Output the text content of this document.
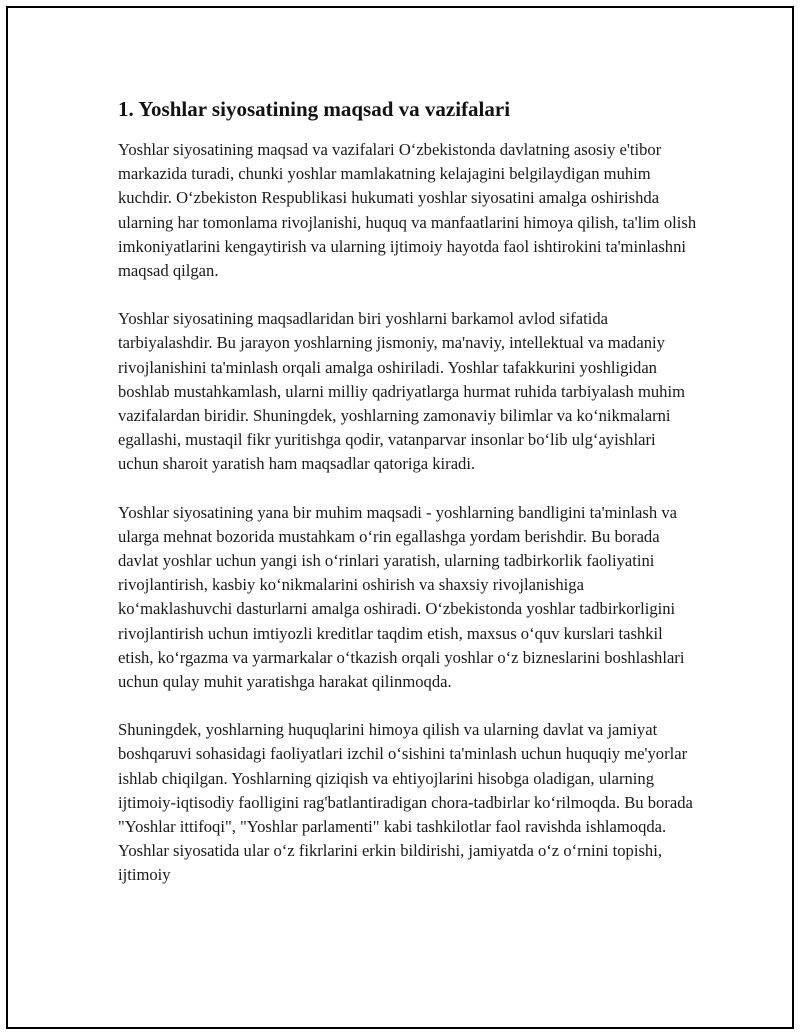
1. Yoshlar siyosatining maqsad va vazifalari

Yoshlar siyosatining maqsad va vazifalari O‘zbekistonda davlatning asosiy e'tibor markazida turadi, chunki yoshlar mamlakatning kelajagini belgilaydigan muhim kuchdir. O‘zbekiston Respublikasi hukumati yoshlar siyosatini amalga oshirishda ularning har tomonlama rivojlanishi, huquq va manfaatlarini himoya qilish, ta'lim olish imkoniyatlarini kengaytirish va ularning ijtimoiy hayotda faol ishtirokini ta'minlashni maqsad qilgan.

Yoshlar siyosatining maqsadlaridan biri yoshlarni barkamol avlod sifatida tarbiyalashdir. Bu jarayon yoshlarning jismoniy, ma'naviy, intellektual va madaniy rivojlanishini ta'minlash orqali amalga oshiriladi. Yoshlar tafakkurini yoshligidan boshlab mustahkamlash, ularni milliy qadriyatlarga hurmat ruhida tarbiyalash muhim vazifalardan biridir. Shuningdek, yoshlarning zamonaviy bilimlar va ko‘nikmalarni egallashi, mustaqil fikr yuritishga qodir, vatanparvar insonlar bo‘lib ulg‘ayishlari uchun sharoit yaratish ham maqsadlar qatoriga kiradi.

Yoshlar siyosatining yana bir muhim maqsadi - yoshlarning bandligini ta'minlash va ularga mehnat bozorida mustahkam o‘rin egallashga yordam berishdir. Bu borada davlat yoshlar uchun yangi ish o‘rinlari yaratish, ularning tadbirkorlik faoliyatini rivojlantirish, kasbiy ko‘nikmalarini oshirish va shaxsiy rivojlanishiga ko‘maklashuvchi dasturlarni amalga oshiradi. O‘zbekistonda yoshlar tadbirkorligini rivojlantirish uchun imtiyozli kreditlar taqdim etish, maxsus o‘quv kurslari tashkil etish, ko‘rgazma va yarmarkalar o‘tkazish orqali yoshlar o‘z bizneslarini boshlashlari uchun qulay muhit yaratishga harakat qilinmoqda.

Shuningdek, yoshlarning huquqlarini himoya qilish va ularning davlat va jamiyat boshqaruvi sohasidagi faoliyatlari izchil o‘sishini ta'minlash uchun huquqiy me'yorlar ishlab chiqilgan. Yoshlarning qiziqish va ehtiyojlarini hisobga oladigan, ularning ijtimoiy-iqtisodiy faolligini rag'batlantiradigan chora-tadbirlar ko‘rilmoqda. Bu borada "Yoshlar ittifoqi", "Yoshlar parlamenti" kabi tashkilotlar faol ravishda ishlamoqda. Yoshlar siyosatida ular o‘z fikrlarini erkin bildirishi, jamiyatda o‘z o‘rnini topishi, ijtimoiy
